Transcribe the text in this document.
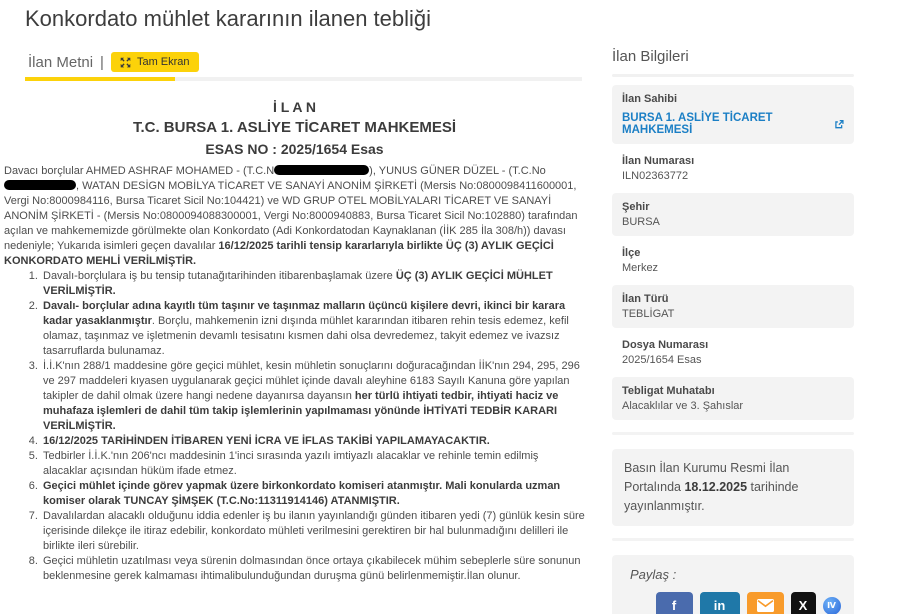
Konkordato mühlet kararının ilanen tebliği
İlan Metni |	Tam Ekran
İ L A N
T.C. BURSA 1. ASLİYE TİCARET MAHKEMESİ
ESAS NO : 2025/1654 Esas

Davacı borçlular AHMED ASHRAF MOHAMED - (T.C.N	), YUNUS GÜNER DÜZEL - (T.C.No, WATAN DESİGN MOBİLYA TİCARET VE SANAYİ ANONİM ŞİRKETİ (Mersis No:0800098411600001, Vergi No:8000984116, Bursa Ticaret Sicil No:104421) ve WD GRUP OTEL MOBİLYALARI TİCARET VE SANAYİ ANONİM ŞİRKETİ - (Mersis No:0800094088300001, Vergi No:8000940883, Bursa Ticaret Sicil No:102880) tarafından açılan ve mahkememizde görülmekte olan Konkordato (Adi Konkordatodan Kaynaklanan (İİK 285 İla 308/h)) davası nedeniyle; Yukarıda isimleri geçen davalılar 16/12/2025 tarihli tensip kararlarıyla birlikte ÜÇ (3) AYLIK GEÇİCİ KONKORDATO MEHLİ VERİLMİŞTİR.

1. Davalı-borçlulara iş bu tensip tutanağıtarihinden itibarenbaşlamak üzere ÜÇ (3) AYLIK GEÇİCİ MÜHLET VERİLMİŞTİR.
2. Davalı- borçlular adına kayıtlı tüm taşınır ve taşınmaz malların üçüncü kişilere devri, ikinci bir karara kadar yasaklanmıştır. Borçlu, mahkemenin izni dışında mühlet kararından itibaren rehin tesis edemez, kefil olamaz, taşınmaz ve işletmenin devamlı tesisatını kısmen dahi olsa devredemez, takyit edemez ve ivazsız tasarruflarda bulunamaz.
3. İ.İ.K'nın 288/1 maddesine göre geçici mühlet, kesin mühletin sonuçlarını doğuracağından İİK'nın 294, 295, 296 ve 297 maddeleri kıyasen uygulanarak geçici mühlet içinde davalı aleyhine 6183 Sayılı Kanuna göre yapılan takipler de dahil olmak üzere hangi nedene dayanırsa dayansın her türlü ihtiyati tedbir, ihtiyati haciz ve muhafaza işlemleri de dahil tüm takip işlemlerinin yapılmaması yönünde İHTİYATİ TEDBİR KARARI VERİLMİŞTİR.
4. 16/12/2025 TARİHİNDEN İTİBAREN YENİ İCRA VE İFLAS TAKİBİ YAPILAMAYACAKTIR.
5. Tedbirler İ.İ.K.'nın 206'ncı maddesinin 1'inci sırasında yazılı imtiyazlı alacaklar ve rehinle temin edilmiş alacaklar açısından hüküm ifade etmez.
6. Geçici mühlet içinde görev yapmak üzere birkonkordato komiseri atanmıştır. Mali konularda uzman komiser olarak TUNCAY ŞİMŞEK (T.C.No:11311914146) ATANMIŞTIR.
7. Davalılardan alacaklı olduğunu iddia edenler iş bu ilanın yayınlandığı günden itibaren yedi (7) günlük kesin süre içerisinde dilekçe ile itiraz edebilir, konkordato mühleti verilmesini gerektiren bir hal bulunmadığını delilleri ile birlikte ileri sürebilir.
8. Geçici mühletin uzatılması veya sürenin dolmasından önce ortaya çıkabilecek mühim sebeplerle süre sonunun beklenmesine gerek kalmaması ihtimalibulunduğundan duruşma günü belirlenmemiştir.İlan olunur.
İlan Bilgileri
İlan Sahibi
BURSA 1. ASLİYE TİCARET MAHKEMESİ
İlan Numarası
ILN02363772
Şehir
BURSA
İlçe
Merkez
İlan Türü
TEBLİGAT
Dosya Numarası
2025/1654 Esas
Tebligat Muhatabı
Alacaklılar ve 3. Şahıslar
Basın İlan Kurumu Resmi İlan Portalında 18.12.2025 tarihinde yayınlanmıştır.
Paylaş :
f	in	X Ⅳ
